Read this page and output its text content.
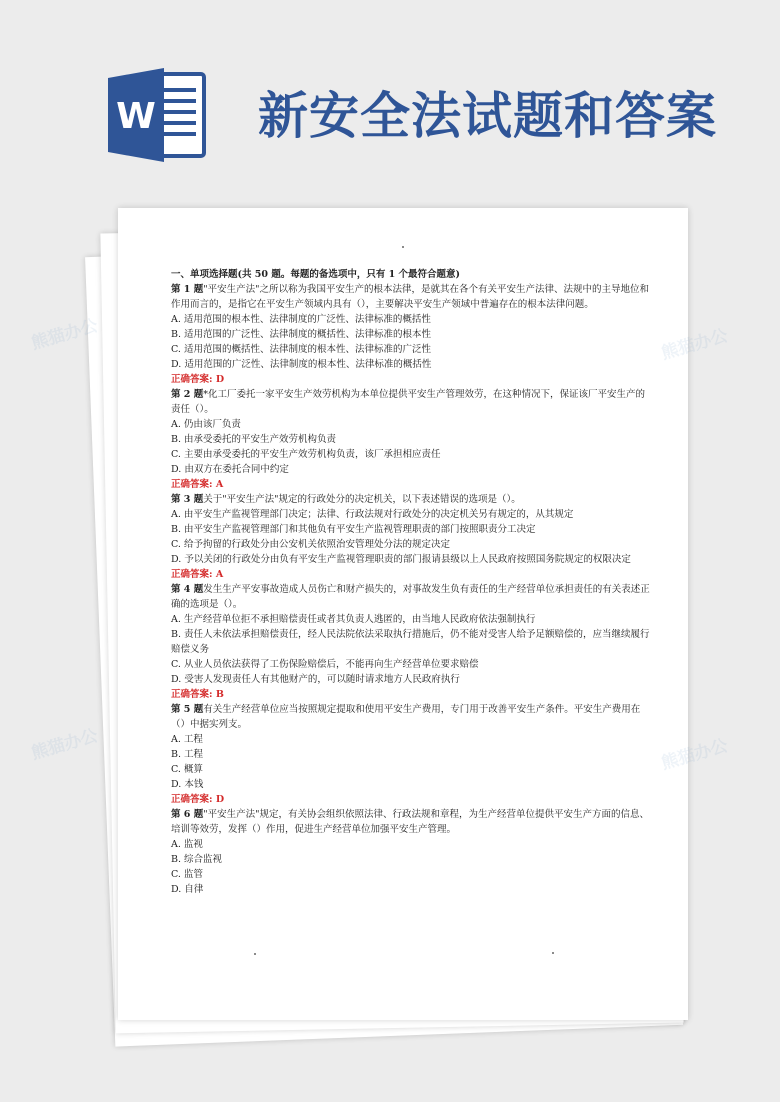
W 新安全法试题和答案
一、单项选择题(共 50 题。每题的备选项中，只有 1 个最符合题意)

第 1 题"平安生产法"之所以称为我国平安生产的根本法律，是就其在各个有关平安生产法律、法规中的主导地位和作用而言的，是指它在平安生产领域内具有（），主要解决平安生产领域中普遍存在的根本法律问题。

A. 适用范围的根本性、法律制度的广泛性、法律标准的概括性

B. 适用范围的广泛性、法律制度的概括性、法律标准的根本性

C. 适用范围的概括性、法律制度的根本性、法律标准的广泛性

D. 适用范围的广泛性、法律制度的根本性、法律标准的概括性

正确答案: D

第 2 题*化工厂委托一家平安生产效劳机构为本单位提供平安生产管理效劳，在这种情况下，保证该厂平安生产的责任（）。

A. 仍由该厂负责

B. 由承受委托的平安生产效劳机构负责

C. 主要由承受委托的平安生产效劳机构负责，该厂承担相应责任

D. 由双方在委托合同中约定

正确答案: A

第 3 题关于"平安生产法"规定的行政处分的决定机关，以下表述错误的选项是（）。

A. 由平安生产监视管理部门决定；法律、行政法规对行政处分的决定机关另有规定的，从其规定

B. 由平安生产监视管理部门和其他负有平安生产监视管理职责的部门按照职责分工决定

C. 给予拘留的行政处分由公安机关依照治安管理处分法的规定决定

D. 予以关闭的行政处分由负有平安生产监视管理职责的部门报请县级以上人民政府按照国务院规定的权限决定

正确答案: A

第 4 题发生生产平安事故造成人员伤亡和财产损失的，对事故发生负有责任的生产经营单位承担责任的有关表述正确的选项是（）。

A. 生产经营单位拒不承担赔偿责任或者其负责人逃匿的，由当地人民政府依法强制执行

B. 责任人未依法承担赔偿责任，经人民法院依法采取执行措施后，仍不能对受害人给予足额赔偿的，应当继续履行赔偿义务

C. 从业人员依法获得了工伤保险赔偿后，不能再向生产经营单位要求赔偿

D. 受害人发现责任人有其他财产的，可以随时请求地方人民政府执行

正确答案: B

第 5 题有关生产经营单位应当按照规定提取和使用平安生产费用，专门用于改善平安生产条件。平安生产费用在（）中据实列支。

A. 工程

B. 工程

C. 概算

D. 本钱

正确答案: D

第 6 题"平安生产法"规定，有关协会组织依照法律、行政法规和章程，为生产经营单位提供平安生产方面的信息、培训等效劳，发挥（）作用，促进生产经营单位加强平安生产管理。

A. 监视

B. 综合监视

C. 监管

D. 自律

熊猫办公	熊猫办公
熊猫办公	熊猫办公
